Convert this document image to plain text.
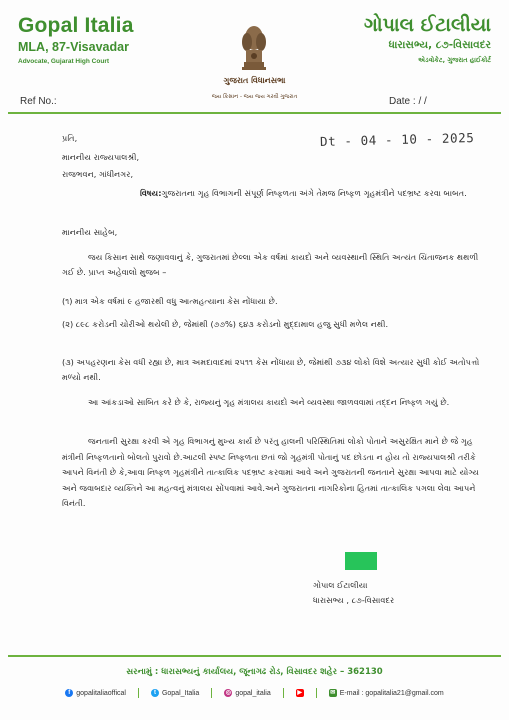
Gopal Italia
MLA, 87-Visavadar
Advocate, Gujarat High Court
ગોપાલ ઈટાલીયા
ધારાસભ્ય, ૮૭-વિસાવદર
એડવોકેટ, ગુજરાત હાઈકોર્ટ
ગુજરાત વિધાનસભા
જય કિસાન - જય જય ગરવી ગુજરાત
Ref No.:	Date : / /
Dt - 04 - 10 - 2025
પ્રતિ,
માનનીય રાજ્યપાલશ્રી,
રાજભવન, ગાંધીનગર,
વિષય:ગુજરાતના ગૃહ વિભાગની સંપૂર્ણ નિષ્ફળતા અંગે તેમજ નિષ્ફળ ગૃહમંત્રીને પદભ્રષ્ટ કરવા બાબત.
માનનીય સાહેબ,
જય કિસાન સાથે જણાવવાનું કે, ગુજરાતમાં છેલ્લા એક વર્ષમાં કાયદો અને વ્યવસ્થાની સ્થિતિ અત્યંત ચિંતાજનક થથળી ગઈ છે. પ્રાપ્ત અહેવાલો મુજબ –
(૧) માત્ર એક વર્ષમાં ૯ હજારથી વધુ આત્મહત્યાના કેસ નોંધાયા છે.
(૨) ૮૯૮ કરોડની ચોરીઓ થયેલી છે, જેમાંથી (૭૭%) ૬૪૩ કરોડનો મુદ્દામાલ હજુ સુધી મળેલ નથી.
(૩) અપહરણના કેસ વધી રહ્યા છે, માત્ર અમદાવાદમાં ૨૫૧૧ કેસ નોંધાયા છે, જેમાંથી ૭૩૪ લોકો વિશે અત્યાર સુધી કોઈ અતોપત્તો મળ્યો નથી.
આ આંકડાઓ સાબિત કરે છે કે, રાજ્યનું ગૃહ મંત્રાલય કાયદો અને વ્યવસ્થા જાળવવામાં તદ્દન નિષ્ફળ ગયું છે.
જનતાની સુરક્ષા કરવી એ ગૃહ વિભાગનું મુખ્ય કાર્ય છે પરંતુ હાલની પરિસ્થિતિમાં લોકો પોતાને અસુરક્ષિત માને છે જે ગૃહ મંત્રીની નિષ્ફળતાનો બોલતો પુરાવો છે.આટલી સ્પષ્ટ નિષ્ફળતા છતાં જો ગૃહમંત્રી પોતાનું પદ છોડતા ન હોય તો રાજ્યપાલશ્રી તરીકે આપને વિનંતી છે કે,આવા નિષ્ફળ ગૃહમંત્રીને તાત્કાલિક પદભ્રષ્ટ કરવામાં આવે અને ગુજરાતની જનતાને સુરક્ષા આપવા માટે યોગ્ય અને જવાબદાર વ્યક્તિને આ મહત્વનું મંત્રાલય સોંપવામાં આવે.અને ગુજરાતના નાગરિકોના હિતમાં તાત્કાલિક પગલા લેવા આપને વિનંતી.
ગોપાલ ઈટાલીયા
ધારાસભ્ય , ૮૭-વિસાવદર
સરનામું : ધારાસભ્યનું કાર્યાલય, જૂનાગઢ રોડ, વિસાવદર શહેર – 362130
f gopalitaliaoffical	t Gopal_Italia	◎ gopal_italia	▶	✉ E-mail : gopalitalia21@gmail.com
